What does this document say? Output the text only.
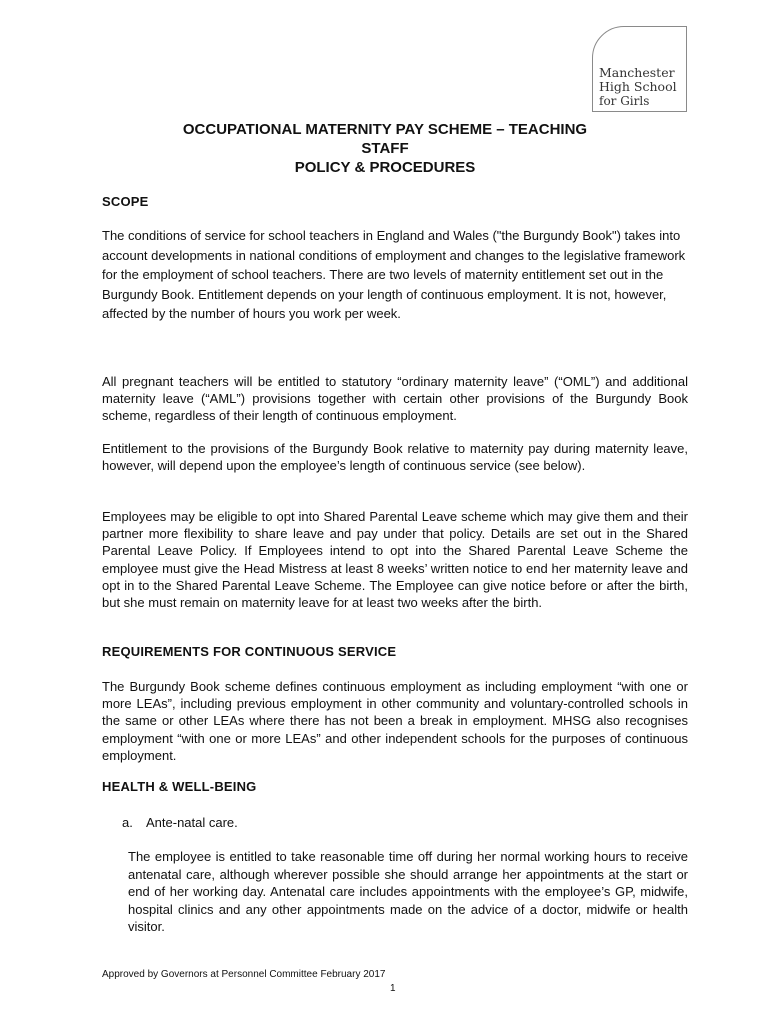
Manchester
High School
for Girls

OCCUPATIONAL MATERNITY PAY SCHEME – TEACHING

STAFF

POLICY & PROCEDURES

SCOPE

The conditions of service for school teachers in England and Wales ("the Burgundy Book") takes into account developments in national conditions of employment and changes to the legislative framework for the employment of school teachers. There are two levels of maternity entitlement set out in the Burgundy Book. Entitlement depends on your length of continuous employment. It is not, however, affected by the number of hours you work per week.

All pregnant teachers will be entitled to statutory “ordinary maternity leave” (“OML”) and additional maternity leave (“AML”) provisions together with certain other provisions of the Burgundy Book scheme, regardless of their length of continuous employment.

Entitlement to the provisions of the Burgundy Book relative to maternity pay during maternity leave, however, will depend upon the employee’s length of continuous service (see below).

Employees may be eligible to opt into Shared Parental Leave scheme which may give them and their partner more flexibility to share leave and pay under that policy. Details are set out in the Shared Parental Leave Policy. If Employees intend to opt into the Shared Parental Leave Scheme the employee must give the Head Mistress at least 8 weeks’ written notice to end her maternity leave and opt in to the Shared Parental Leave Scheme. The Employee can give notice before or after the birth, but she must remain on maternity leave for at least two weeks after the birth.

REQUIREMENTS FOR CONTINUOUS SERVICE

The Burgundy Book scheme defines continuous employment as including employment “with one or more LEAs”, including previous employment in other community and voluntary-controlled schools in the same or other LEAs where there has not been a break in employment. MHSG also recognises employment “with one or more LEAs” and other independent schools for the purposes of continuous employment.

HEALTH & WELL-BEING

a. Ante-natal care.

The employee is entitled to take reasonable time off during her normal working hours to receive antenatal care, although wherever possible she should arrange her appointments at the start or end of her working day. Antenatal care includes appointments with the employee’s GP, midwife, hospital clinics and any other appointments made on the advice of a doctor, midwife or health visitor.

Approved by Governors at Personnel Committee February 2017

1
